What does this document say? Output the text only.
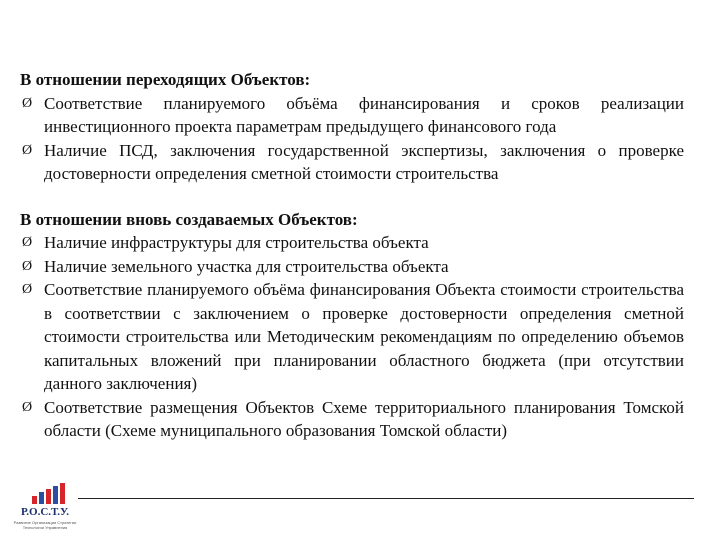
В отношении переходящих Объектов:

Ø Соответствие планируемого объёма финансирования и сроков реализации инвестиционного проекта параметрам предыдущего финансового года
Ø Наличие ПСД, заключения государственной экспертизы, заключения о проверке достоверности определения сметной стоимости строительства

В отношении вновь создаваемых Объектов:

Ø Наличие инфраструктуры для строительства объекта
Ø Наличие земельного участка для строительства объекта
Ø Соответствие планируемого объёма финансирования Объекта стоимости строительства в соответствии с заключением о проверке достоверности определения сметной стоимости строительства или Методическим рекомендациям по определению объемов капитальных вложений при планировании областного бюджета (при отсутствии данного заключения)
Ø Соответствие размещения Объектов Схеме территориального планирования Томской области (Схеме муниципального образования Томской области)
Р.О.С.Т.У.
Развитие Организации Стратегии Технологии Управления
